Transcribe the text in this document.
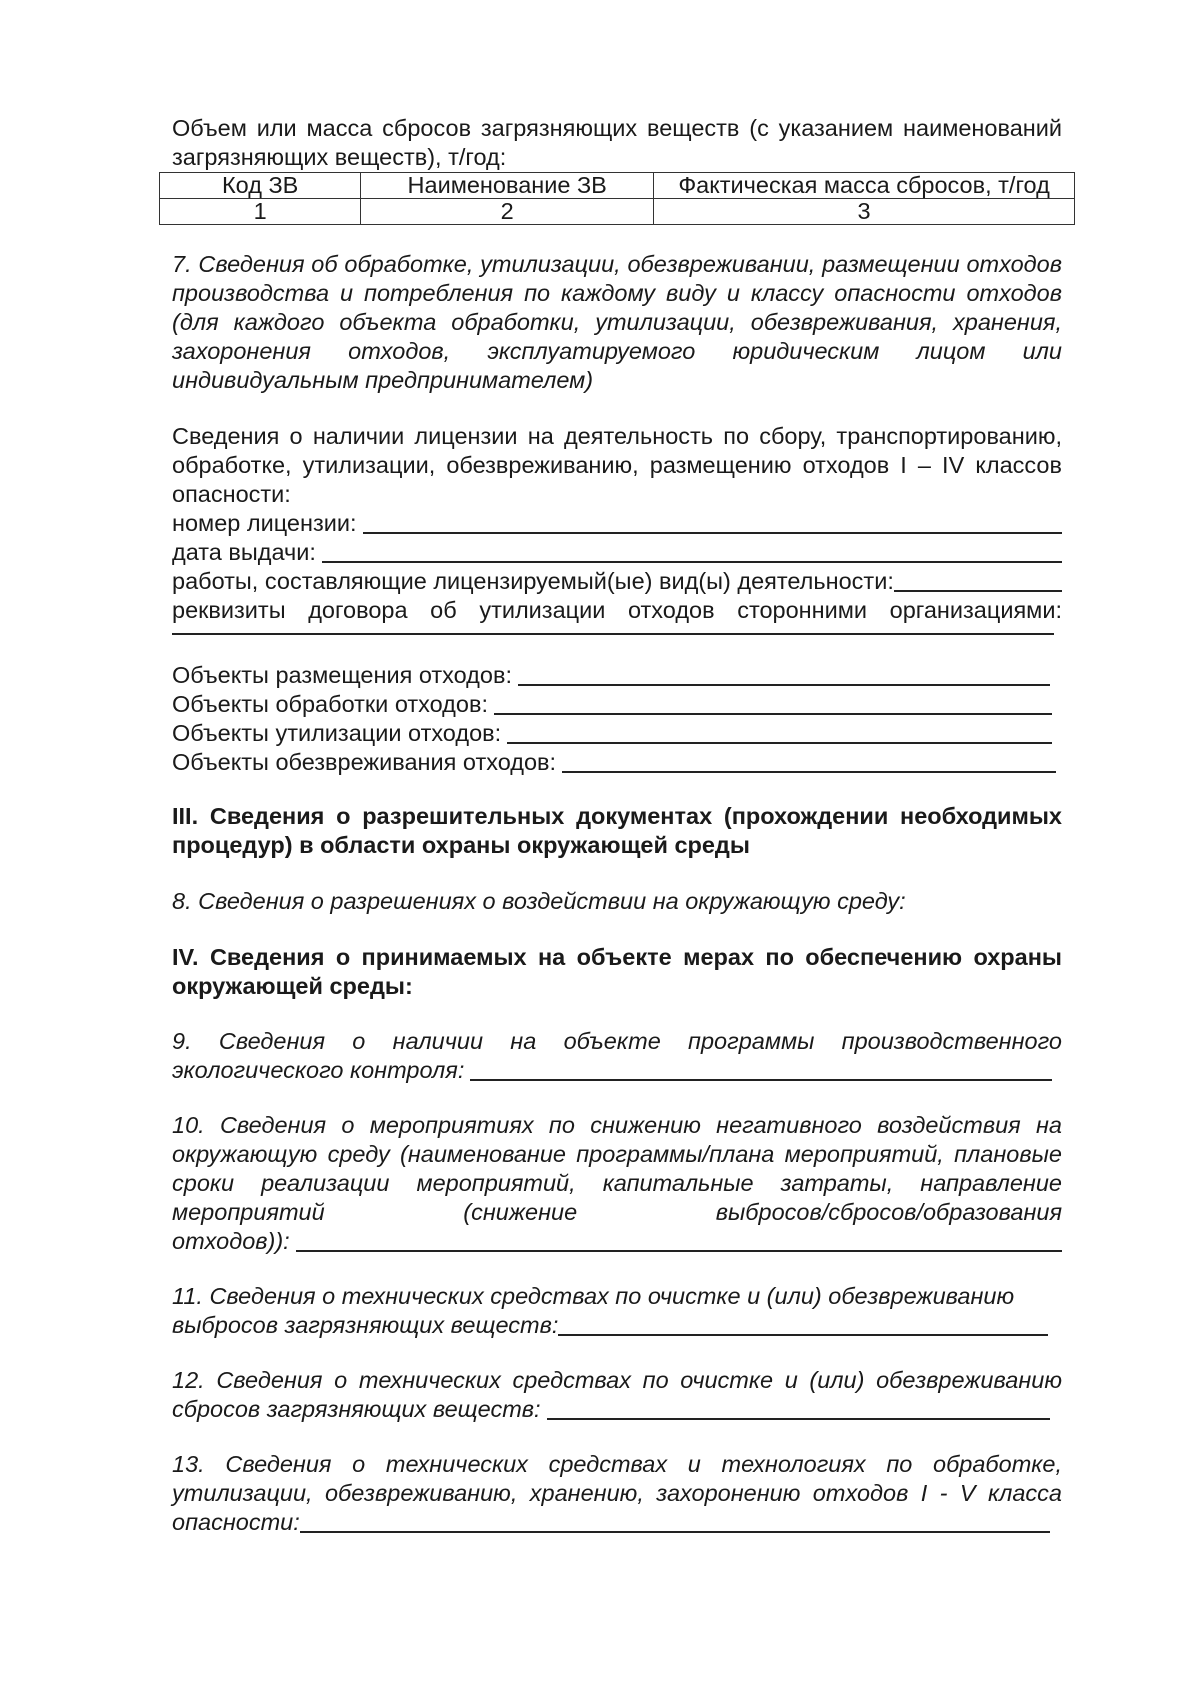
Объем или масса сбросов загрязняющих веществ (с указанием наименований загрязняющих веществ), т/год:

Код ЗВ	Наименование ЗВ	Фактическая масса сбросов, т/год
1	2	3

7. Сведения об обработке, утилизации, обезвреживании, размещении отходов производства и потребления по каждому виду и классу опасности отходов (для каждого объекта обработки, утилизации, обезвреживания, хранения, захоронения отходов, эксплуатируемого юридическим лицом или индивидуальным предпринимателем)

Сведения о наличии лицензии на деятельность по сбору, транспортированию, обработке, утилизации, обезвреживанию, размещению отходов I – IV классов опасности:

номер лицензии:
дата выдачи:
работы, составляющие лицензируемый(ые) вид(ы) деятельности:

реквизиты договора об утилизации отходов сторонними организациями:

Объекты размещения отходов:
Объекты обработки отходов:
Объекты утилизации отходов:
Объекты обезвреживания отходов:

III. Сведения о разрешительных документах (прохождении необходимых процедур) в области охраны окружающей среды

8. Сведения о разрешениях о воздействии на окружающую среду:

IV. Сведения о принимаемых на объекте мерах по обеспечению охраны окружающей среды:

9. Сведения о наличии на объекте программы производственного

экологического контроля:

10. Сведения о мероприятиях по снижению негативного воздействия на окружающую среду (наименование программы/плана мероприятий, плановые сроки реализации мероприятий, капитальные затраты, направление мероприятий (снижение выбросов/сбросов/образования

отходов)):

11. Сведения о технических средствах по очистке и (или) обезвреживанию

выбросов загрязняющих веществ:

12. Сведения о технических средствах по очистке и (или) обезвреживанию

сбросов загрязняющих веществ:

13. Сведения о технических средствах и технологиях по обработке, утилизации, обезвреживанию, хранению, захоронению отходов I - V класса

опасности:
